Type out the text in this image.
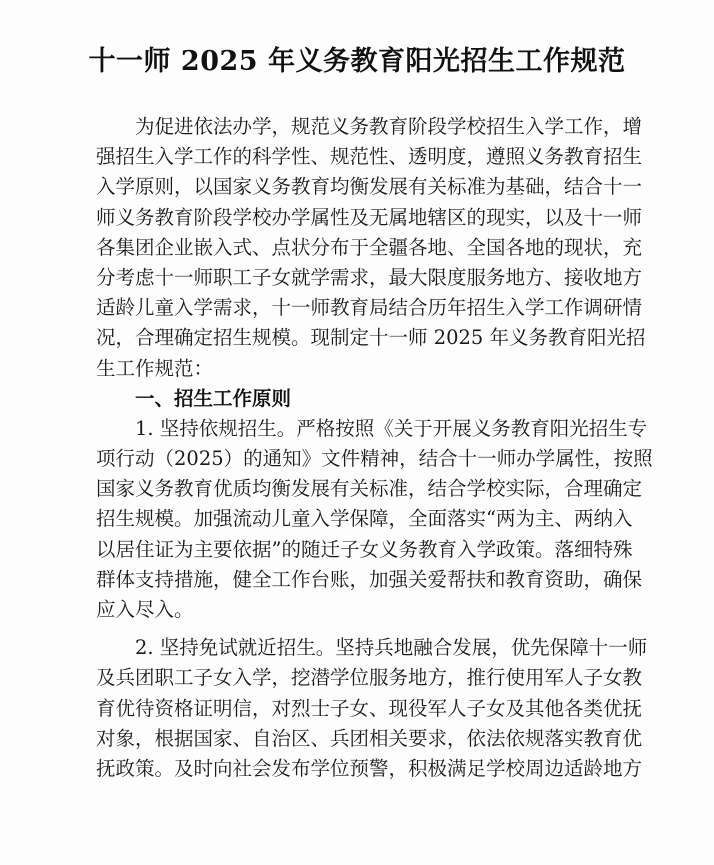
十一师 2025 年义务教育阳光招生工作规范
为促进依法办学，规范义务教育阶段学校招生入学工作，增
强招生入学工作的科学性、规范性、透明度，遵照义务教育招生
入学原则，以国家义务教育均衡发展有关标准为基础，结合十一
师义务教育阶段学校办学属性及无属地辖区的现实，以及十一师
各集团企业嵌入式、点状分布于全疆各地、全国各地的现状，充
分考虑十一师职工子女就学需求，最大限度服务地方、接收地方
适龄儿童入学需求，十一师教育局结合历年招生入学工作调研情
况，合理确定招生规模。现制定十一师 2025 年义务教育阳光招
生工作规范：
一、招生工作原则
1. 坚持依规招生。严格按照《关于开展义务教育阳光招生专
项行动（2025）的通知》文件精神，结合十一师办学属性，按照
国家义务教育优质均衡发展有关标准，结合学校实际，合理确定
招生规模。加强流动儿童入学保障，全面落实“两为主、两纳入
以居住证为主要依据”的随迁子女义务教育入学政策。落细特殊
群体支持措施，健全工作台账，加强关爱帮扶和教育资助，确保
应入尽入。
2. 坚持免试就近招生。坚持兵地融合发展，优先保障十一师
及兵团职工子女入学，挖潜学位服务地方，推行使用军人子女教
育优待资格证明信，对烈士子女、现役军人子女及其他各类优抚
对象，根据国家、自治区、兵团相关要求，依法依规落实教育优
抚政策。及时向社会发布学位预警，积极满足学校周边适龄地方
